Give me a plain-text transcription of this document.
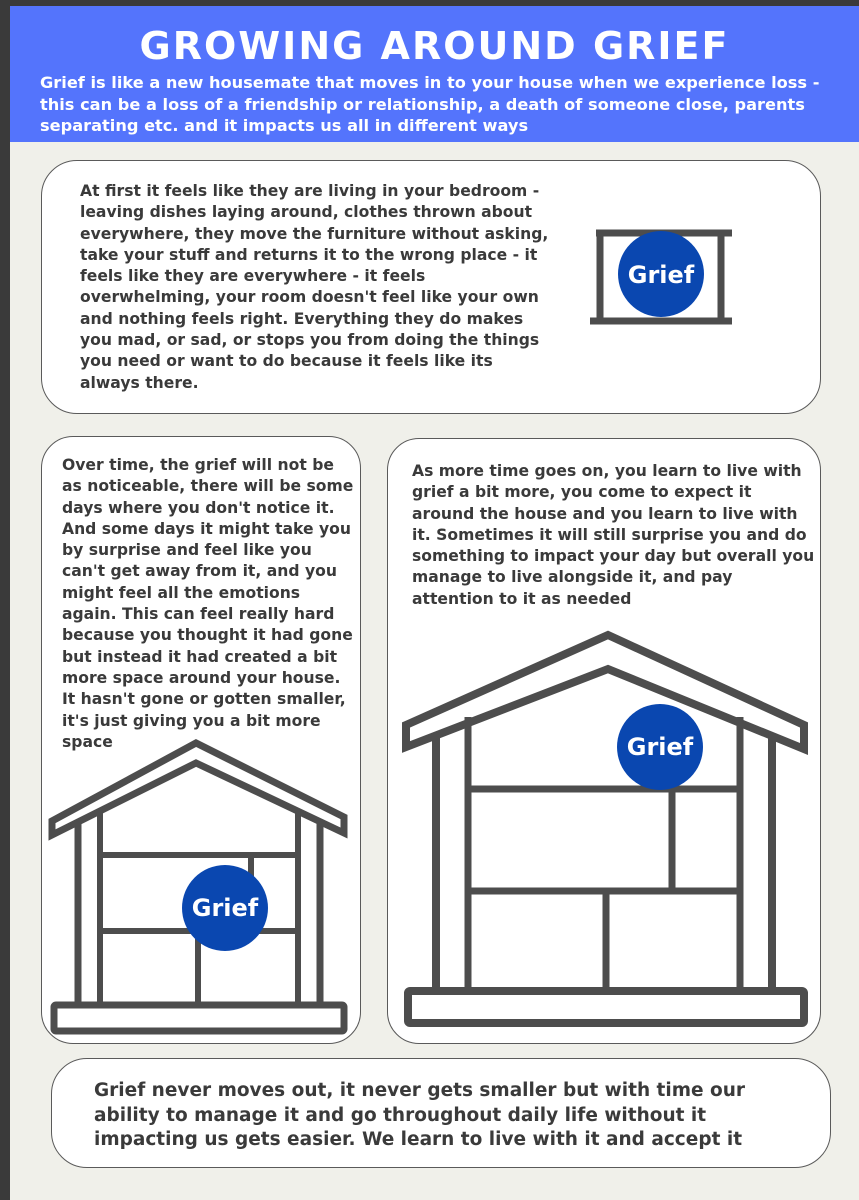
GROWING AROUND GRIEF
Grief is like a new housemate that moves in to your house when we experience loss - this can be a loss of a friendship or relationship, a death of someone close, parents separating etc. and it impacts us all in different ways
At first it feels like they are living in your bedroom - leaving dishes laying around, clothes thrown about everywhere, they move the furniture without asking, take your stuff and returns it to the wrong place - it feels like they are everywhere - it feels overwhelming, your room doesn't feel like your own and nothing feels right. Everything they do makes you mad, or sad, or stops you from doing the things you need or want to do because it feels like its always there.
Grief
Over time, the grief will not be as noticeable, there will be some days where you don't notice it. And some days it might take you by surprise and feel like you can't get away from it, and you might feel all the emotions again. This can feel really hard because you thought it had gone but instead it had created a bit more space around your house. It hasn't gone or gotten smaller, it's just giving you a bit more space
Grief
As more time goes on, you learn to live with grief a bit more, you come to expect it around the house and you learn to live with it. Sometimes it will still surprise you and do something to impact your day but overall you manage to live alongside it, and pay attention to it as needed
Grief
Grief never moves out, it never gets smaller but with time our ability to manage it and go throughout daily life without it impacting us gets easier. We learn to live with it and accept it
